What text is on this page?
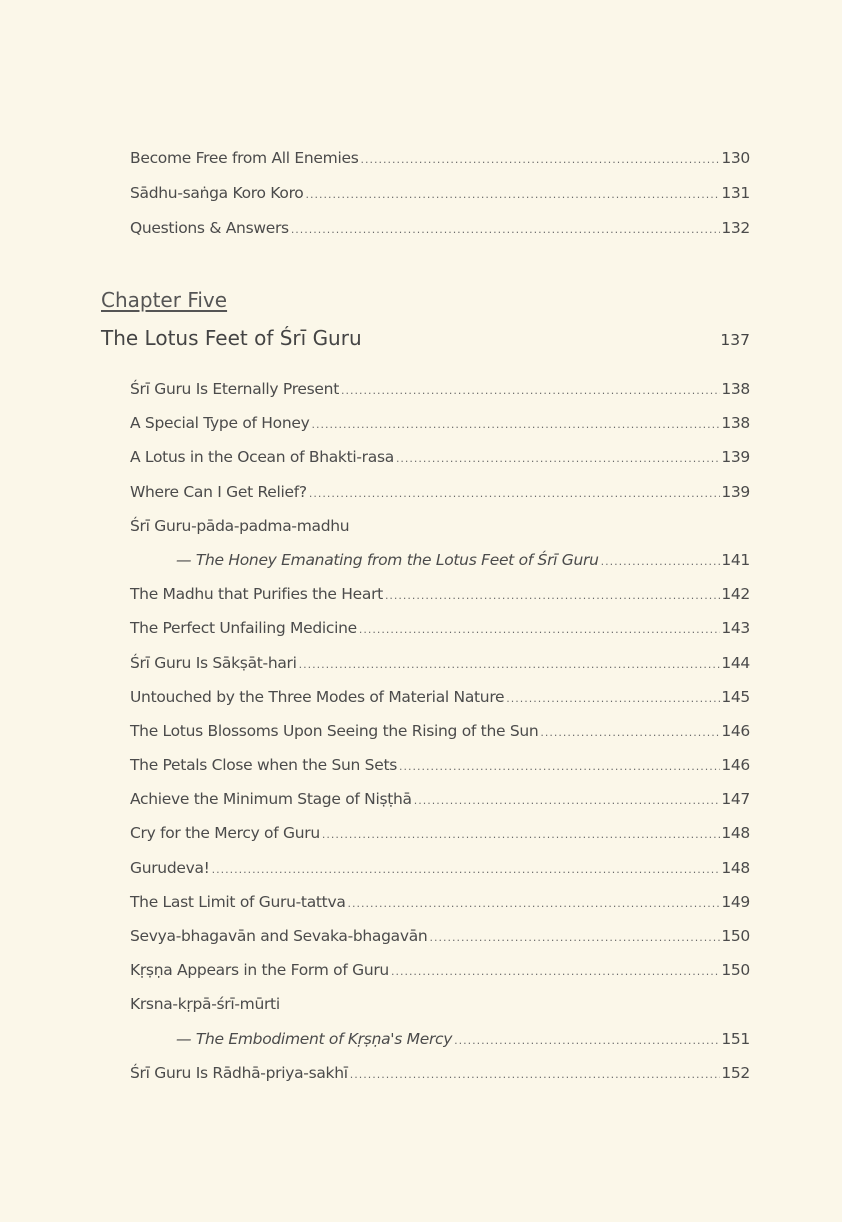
Become Free from All Enemies .....	130
Sādhu-saṅga Koro Koro .....	131
Questions & Answers .....	132
Chapter Five
The Lotus Feet of Śrī Guru	137
Śrī Guru Is Eternally Present .....	138
A Special Type of Honey .....	138
A Lotus in the Ocean of Bhakti-rasa .....	139
Where Can I Get Relief? .....	139
Śrī Guru-pāda-padma-madhu
— The Honey Emanating from the Lotus Feet of Śrī Guru .....	141
The Madhu that Purifies the Heart .....	142
The Perfect Unfailing Medicine .....	143
Śrī Guru Is Sākṣāt-hari .....	144
Untouched by the Three Modes of Material Nature .....	145
The Lotus Blossoms Upon Seeing the Rising of the Sun .....	146
The Petals Close when the Sun Sets .....	146
Achieve the Minimum Stage of Niṣṭhā .....	147
Cry for the Mercy of Guru .....	148
Gurudeva! .....	148
The Last Limit of Guru-tattva .....	149
Sevya-bhagavān and Sevaka-bhagavān .....	150
Kṛṣṇa Appears in the Form of Guru .....	150
Krsna-kṛpā-śrī-mūrti
— The Embodiment of Kṛṣṇa's Mercy .....	151
Śrī Guru Is Rādhā-priya-sakhī .....	152
